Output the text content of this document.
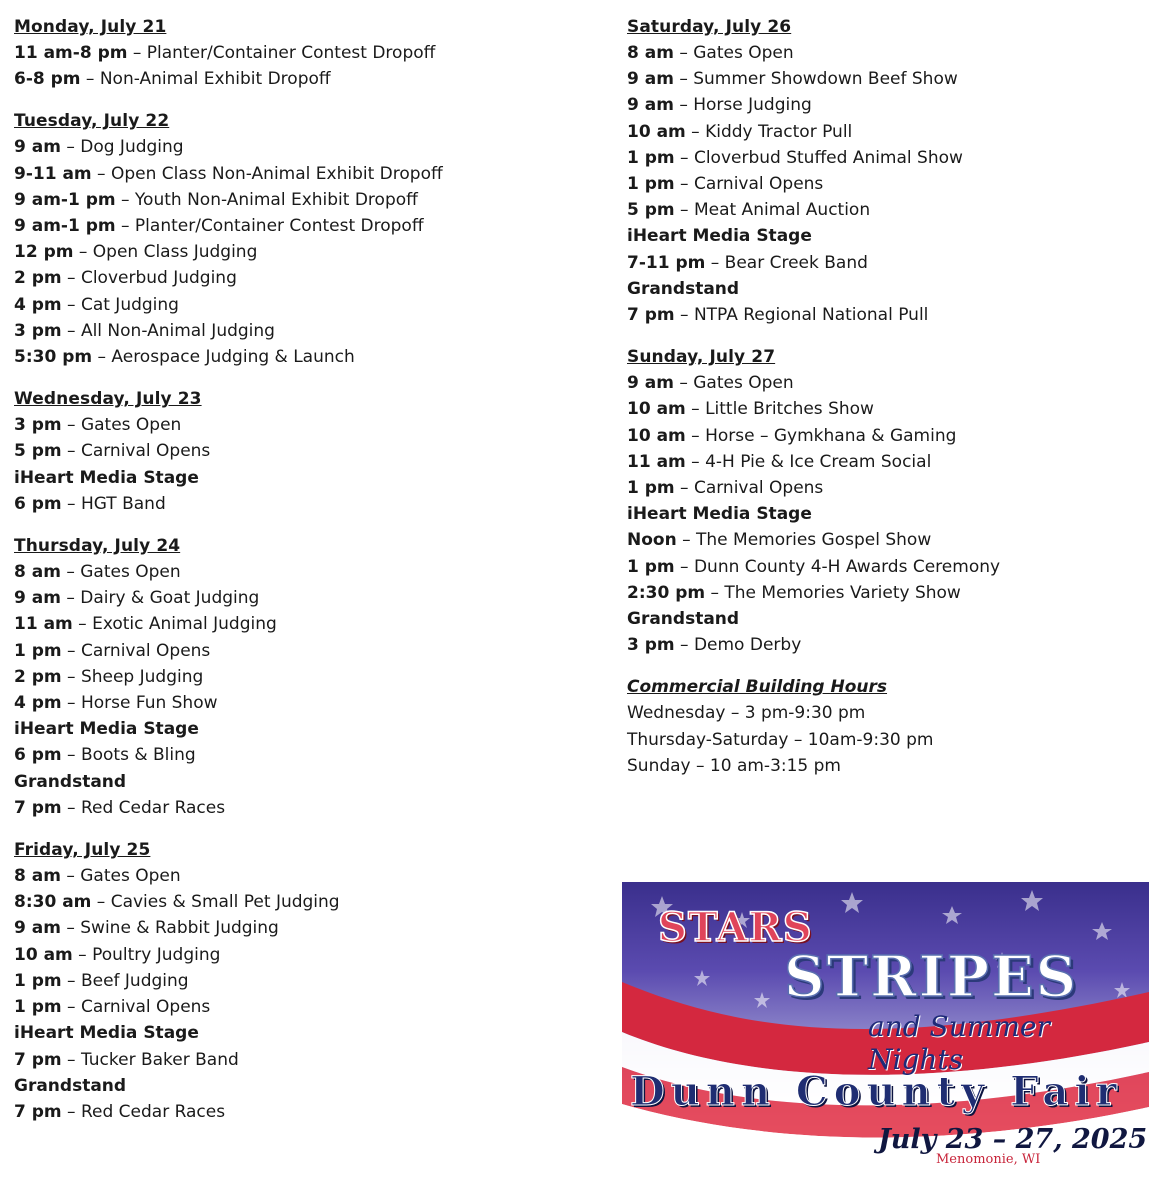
Monday, July 21
11 am-8 pm – Planter/Container Contest Dropoff
6-8 pm – Non-Animal Exhibit Dropoff
Tuesday, July 22
9 am – Dog Judging
9-11 am – Open Class Non-Animal Exhibit Dropoff
9 am-1 pm – Youth Non-Animal Exhibit Dropoff
9 am-1 pm – Planter/Container Contest Dropoff
12 pm – Open Class Judging
2 pm – Cloverbud Judging
4 pm – Cat Judging
3 pm – All Non-Animal Judging
5:30 pm – Aerospace Judging & Launch
Wednesday, July 23
3 pm – Gates Open
5 pm – Carnival Opens
iHeart Media Stage
6 pm – HGT Band
Thursday, July 24
8 am – Gates Open
9 am – Dairy & Goat Judging
11 am – Exotic Animal Judging
1 pm – Carnival Opens
2 pm – Sheep Judging
4 pm – Horse Fun Show
iHeart Media Stage
6 pm – Boots & Bling
Grandstand
7 pm – Red Cedar Races
Friday, July 25
8 am – Gates Open
8:30 am – Cavies & Small Pet Judging
9 am – Swine & Rabbit Judging
10 am – Poultry Judging
1 pm – Beef Judging
1 pm – Carnival Opens
iHeart Media Stage
7 pm – Tucker Baker Band
Grandstand
7 pm – Red Cedar Races
Saturday, July 26
8 am – Gates Open
9 am – Summer Showdown Beef Show
9 am – Horse Judging
10 am – Kiddy Tractor Pull
1 pm – Cloverbud Stuffed Animal Show
1 pm – Carnival Opens
5 pm – Meat Animal Auction
iHeart Media Stage
7-11 pm – Bear Creek Band
Grandstand
7 pm – NTPA Regional National Pull
Sunday, July 27
9 am – Gates Open
10 am – Little Britches Show
10 am – Horse – Gymkhana & Gaming
11 am – 4-H Pie & Ice Cream Social
1 pm – Carnival Opens
iHeart Media Stage
Noon – The Memories Gospel Show
1 pm – Dunn County 4-H Awards Ceremony
2:30 pm – The Memories Variety Show
Grandstand
3 pm – Demo Derby
Commercial Building Hours
Wednesday – 3 pm-9:30 pm
Thursday-Saturday – 10am-9:30 pm
Sunday – 10 am-3:15 pm
STARS
STRIPES
and Summer Nights
Dunn County Fair
July 23 – 27, 2025
Menomonie, WI
